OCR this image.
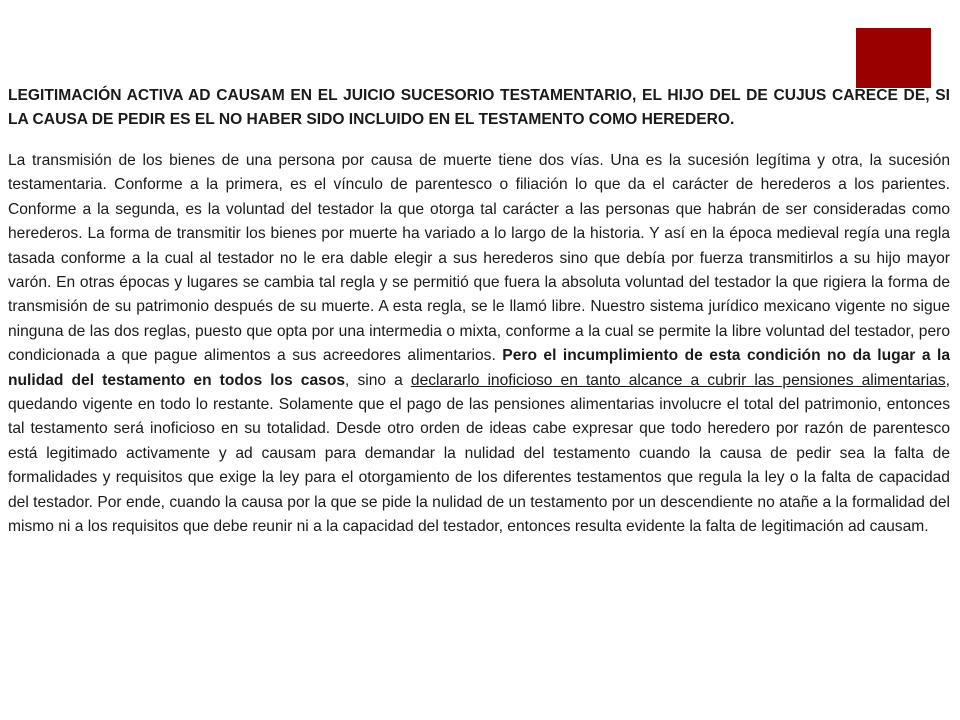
LEGITIMACIÓN ACTIVA AD CAUSAM EN EL JUICIO SUCESORIO TESTAMENTARIO, EL HIJO DEL DE CUJUS CARECE DE, SI LA CAUSA DE PEDIR ES EL NO HABER SIDO INCLUIDO EN EL TESTAMENTO COMO HEREDERO.

La transmisión de los bienes de una persona por causa de muerte tiene dos vías. Una es la sucesión legítima y otra, la sucesión testamentaria. Conforme a la primera, es el vínculo de parentesco o filiación lo que da el carácter de herederos a los parientes. Conforme a la segunda, es la voluntad del testador la que otorga tal carácter a las personas que habrán de ser consideradas como herederos. La forma de transmitir los bienes por muerte ha variado a lo largo de la historia. Y así en la época medieval regía una regla tasada conforme a la cual al testador no le era dable elegir a sus herederos sino que debía por fuerza transmitirlos a su hijo mayor varón. En otras épocas y lugares se cambia tal regla y se permitió que fuera la absoluta voluntad del testador la que rigiera la forma de transmisión de su patrimonio después de su muerte. A esta regla, se le llamó libre. Nuestro sistema jurídico mexicano vigente no sigue ninguna de las dos reglas, puesto que opta por una intermedia o mixta, conforme a la cual se permite la libre voluntad del testador, pero condicionada a que pague alimentos a sus acreedores alimentarios. Pero el incumplimiento de esta condición no da lugar a la nulidad del testamento en todos los casos, sino a declararlo inoficioso en tanto alcance a cubrir las pensiones alimentarias, quedando vigente en todo lo restante. Solamente que el pago de las pensiones alimentarias involucre el total del patrimonio, entonces tal testamento será inoficioso en su totalidad. Desde otro orden de ideas cabe expresar que todo heredero por razón de parentesco está legitimado activamente y ad causam para demandar la nulidad del testamento cuando la causa de pedir sea la falta de formalidades y requisitos que exige la ley para el otorgamiento de los diferentes testamentos que regula la ley o la falta de capacidad del testador. Por ende, cuando la causa por la que se pide la nulidad de un testamento por un descendiente no atañe a la formalidad del mismo ni a los requisitos que debe reunir ni a la capacidad del testador, entonces resulta evidente la falta de legitimación ad causam.
